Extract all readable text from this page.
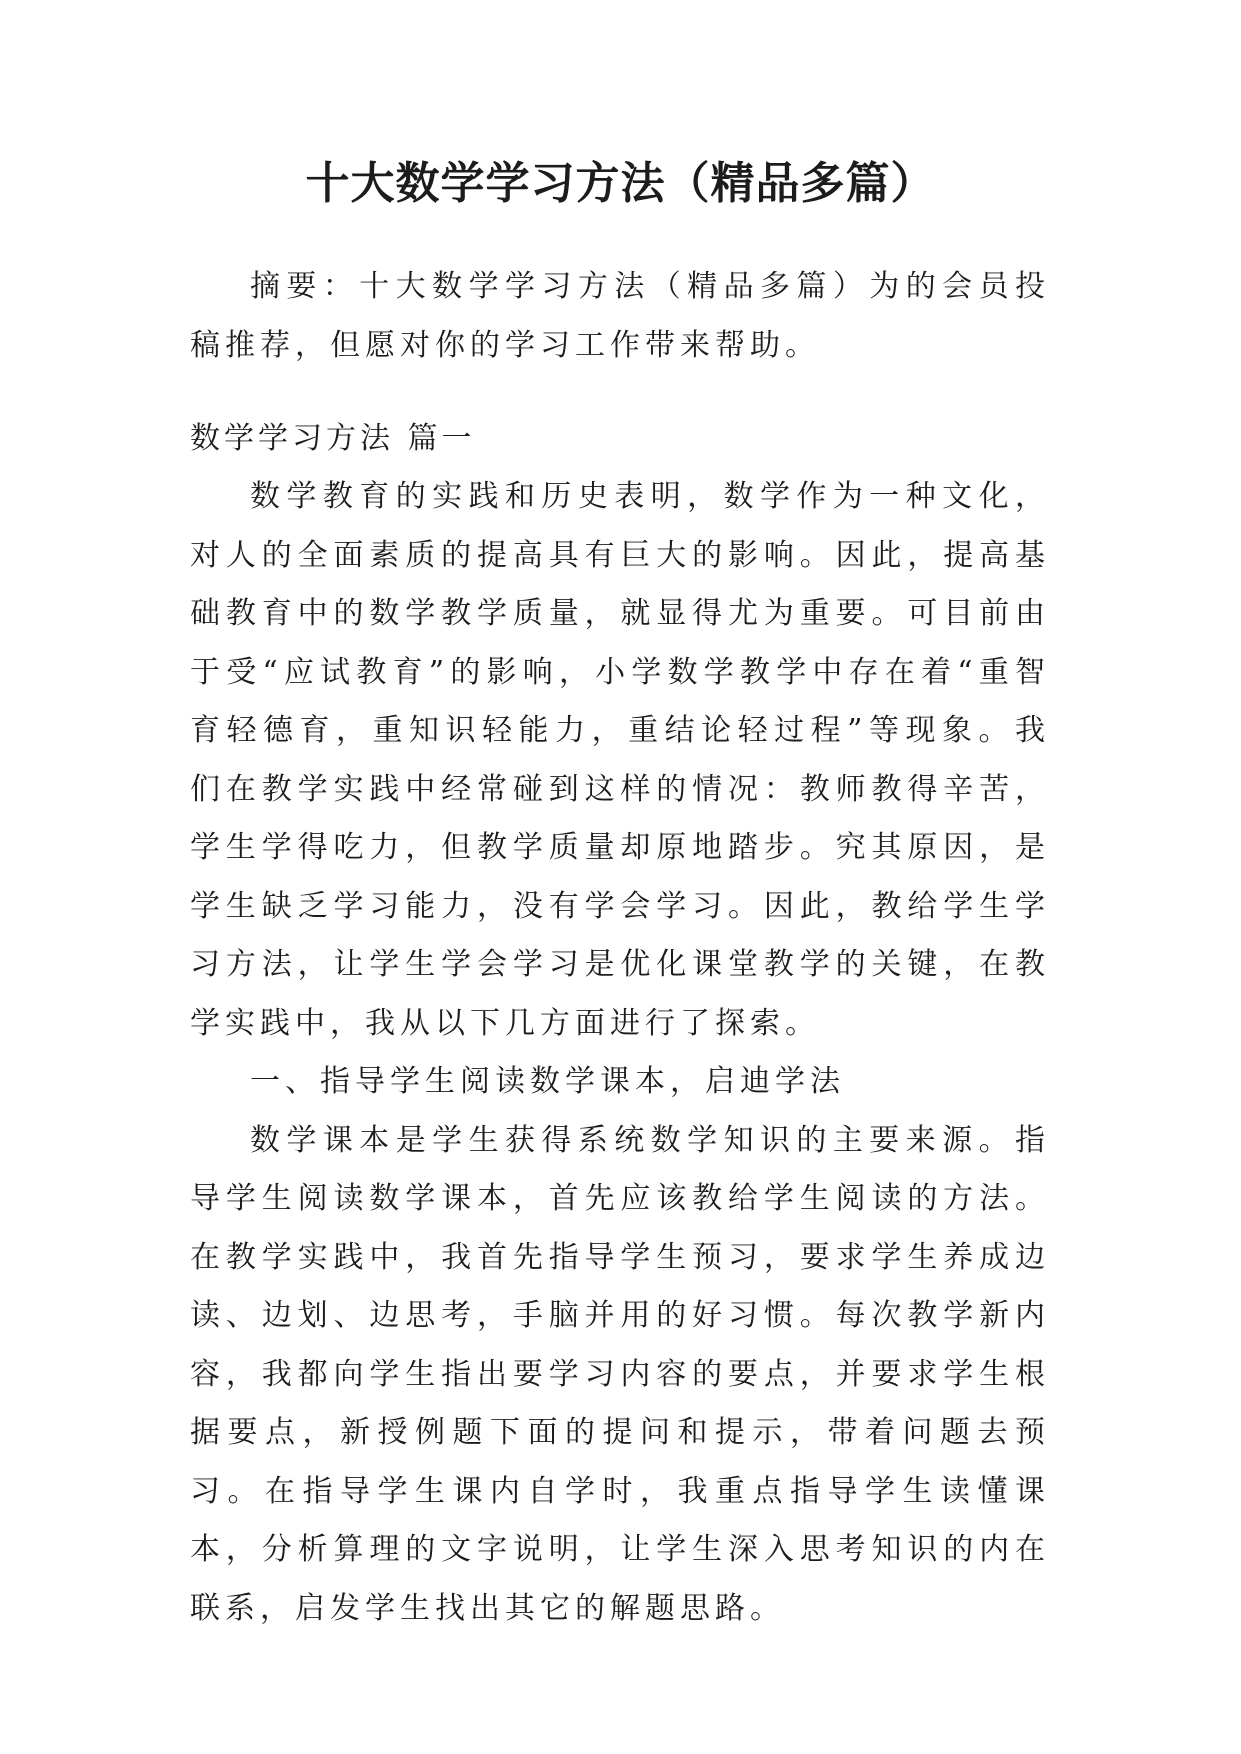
十大数学学习方法（精品多篇）

摘要：十大数学学习方法（精品多篇）为的会员投稿推荐，但愿对你的学习工作带来帮助。

数学学习方法 篇一

数学教育的实践和历史表明，数学作为一种文化，对人的全面素质的提高具有巨大的影响。因此，提高基础教育中的数学教学质量，就显得尤为重要。可目前由于受“应试教育”的影响，小学数学教学中存在着“重智育轻德育，重知识轻能力，重结论轻过程”等现象。我们在教学实践中经常碰到这样的情况：教师教得辛苦，学生学得吃力，但教学质量却原地踏步。究其原因，是学生缺乏学习能力，没有学会学习。因此，教给学生学习方法，让学生学会学习是优化课堂教学的关键，在教学实践中，我从以下几方面进行了探索。

一、指导学生阅读数学课本，启迪学法

数学课本是学生获得系统数学知识的主要来源。指导学生阅读数学课本，首先应该教给学生阅读的方法。在教学实践中，我首先指导学生预习，要求学生养成边读、边划、边思考，手脑并用的好习惯。每次教学新内容，我都向学生指出要学习内容的要点，并要求学生根据要点，新授例题下面的提问和提示，带着问题去预习。在指导学生课内自学时，我重点指导学生读懂课本，分析算理的文字说明，让学生深入思考知识的内在联系，启发学生找出其它的解题思路。
